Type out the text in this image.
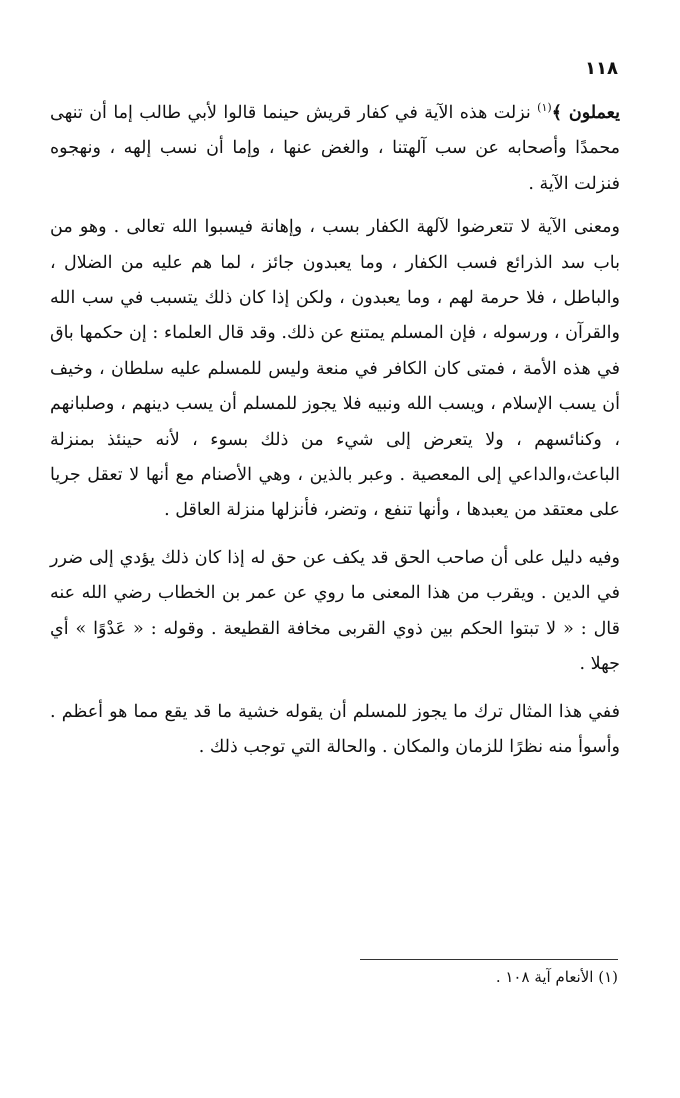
١١٨

يعملون ﴾$^{(١)}$ نزلت هذه الآية في كفار قريش حينما قالوا لأبي طالب إما أن تنهى محمدًا وأصحابه عن سب آلهتنا ، والغض عنها ، وإما أن نسب إلهه ، ونهجوه فنزلت الآية .

ومعنى الآية لا تتعرضوا لآلهة الكفار بسب ، وإهانة فيسبوا الله تعالى . وهو من باب سد الذرائع فسب الكفار ، وما يعبدون جائز ، لما هم عليه من الضلال ، والباطل ، فلا حرمة لهم ، وما يعبدون ، ولكن إذا كان ذلك يتسبب في سب الله والقرآن ، ورسوله ، فإن المسلم يمتنع عن ذلك. وقد قال العلماء : إن حكمها باق في هذه الأمة ، فمتى كان الكافر في منعة وليس للمسلم عليه سلطان ، وخيف أن يسب الإسلام ، ويسب الله ونبيه فلا يجوز للمسلم أن يسب دينهم ، وصلبانهم ، وكنائسهم ، ولا يتعرض إلى شيء من ذلك بسوء ، لأنه حينئذ بمنزلة الباعث،والداعي إلى المعصية . وعبر بالذين ، وهي الأصنام مع أنها لا تعقل جريا على معتقد من يعبدها ، وأنها تنفع ، وتضر، فأنزلها منزلة العاقل .

وفيه دليل على أن صاحب الحق قد يكف عن حق له إذا كان ذلك يؤدي إلى ضرر في الدين . ويقرب من هذا المعنى ما روي عن عمر بن الخطاب رضي الله عنه قال : « لا تبتوا الحكم بين ذوي القربى مخافة القطيعة . وقوله : « عَدْوًا » أي جهلا .

ففي هذا المثال ترك ما يجوز للمسلم أن يقوله خشية ما قد يقع مما هو أعظم . وأسوأ منه نظرًا للزمان والمكان . والحالة التي توجب ذلك .

(١) الأنعام آية ١٠٨ .
